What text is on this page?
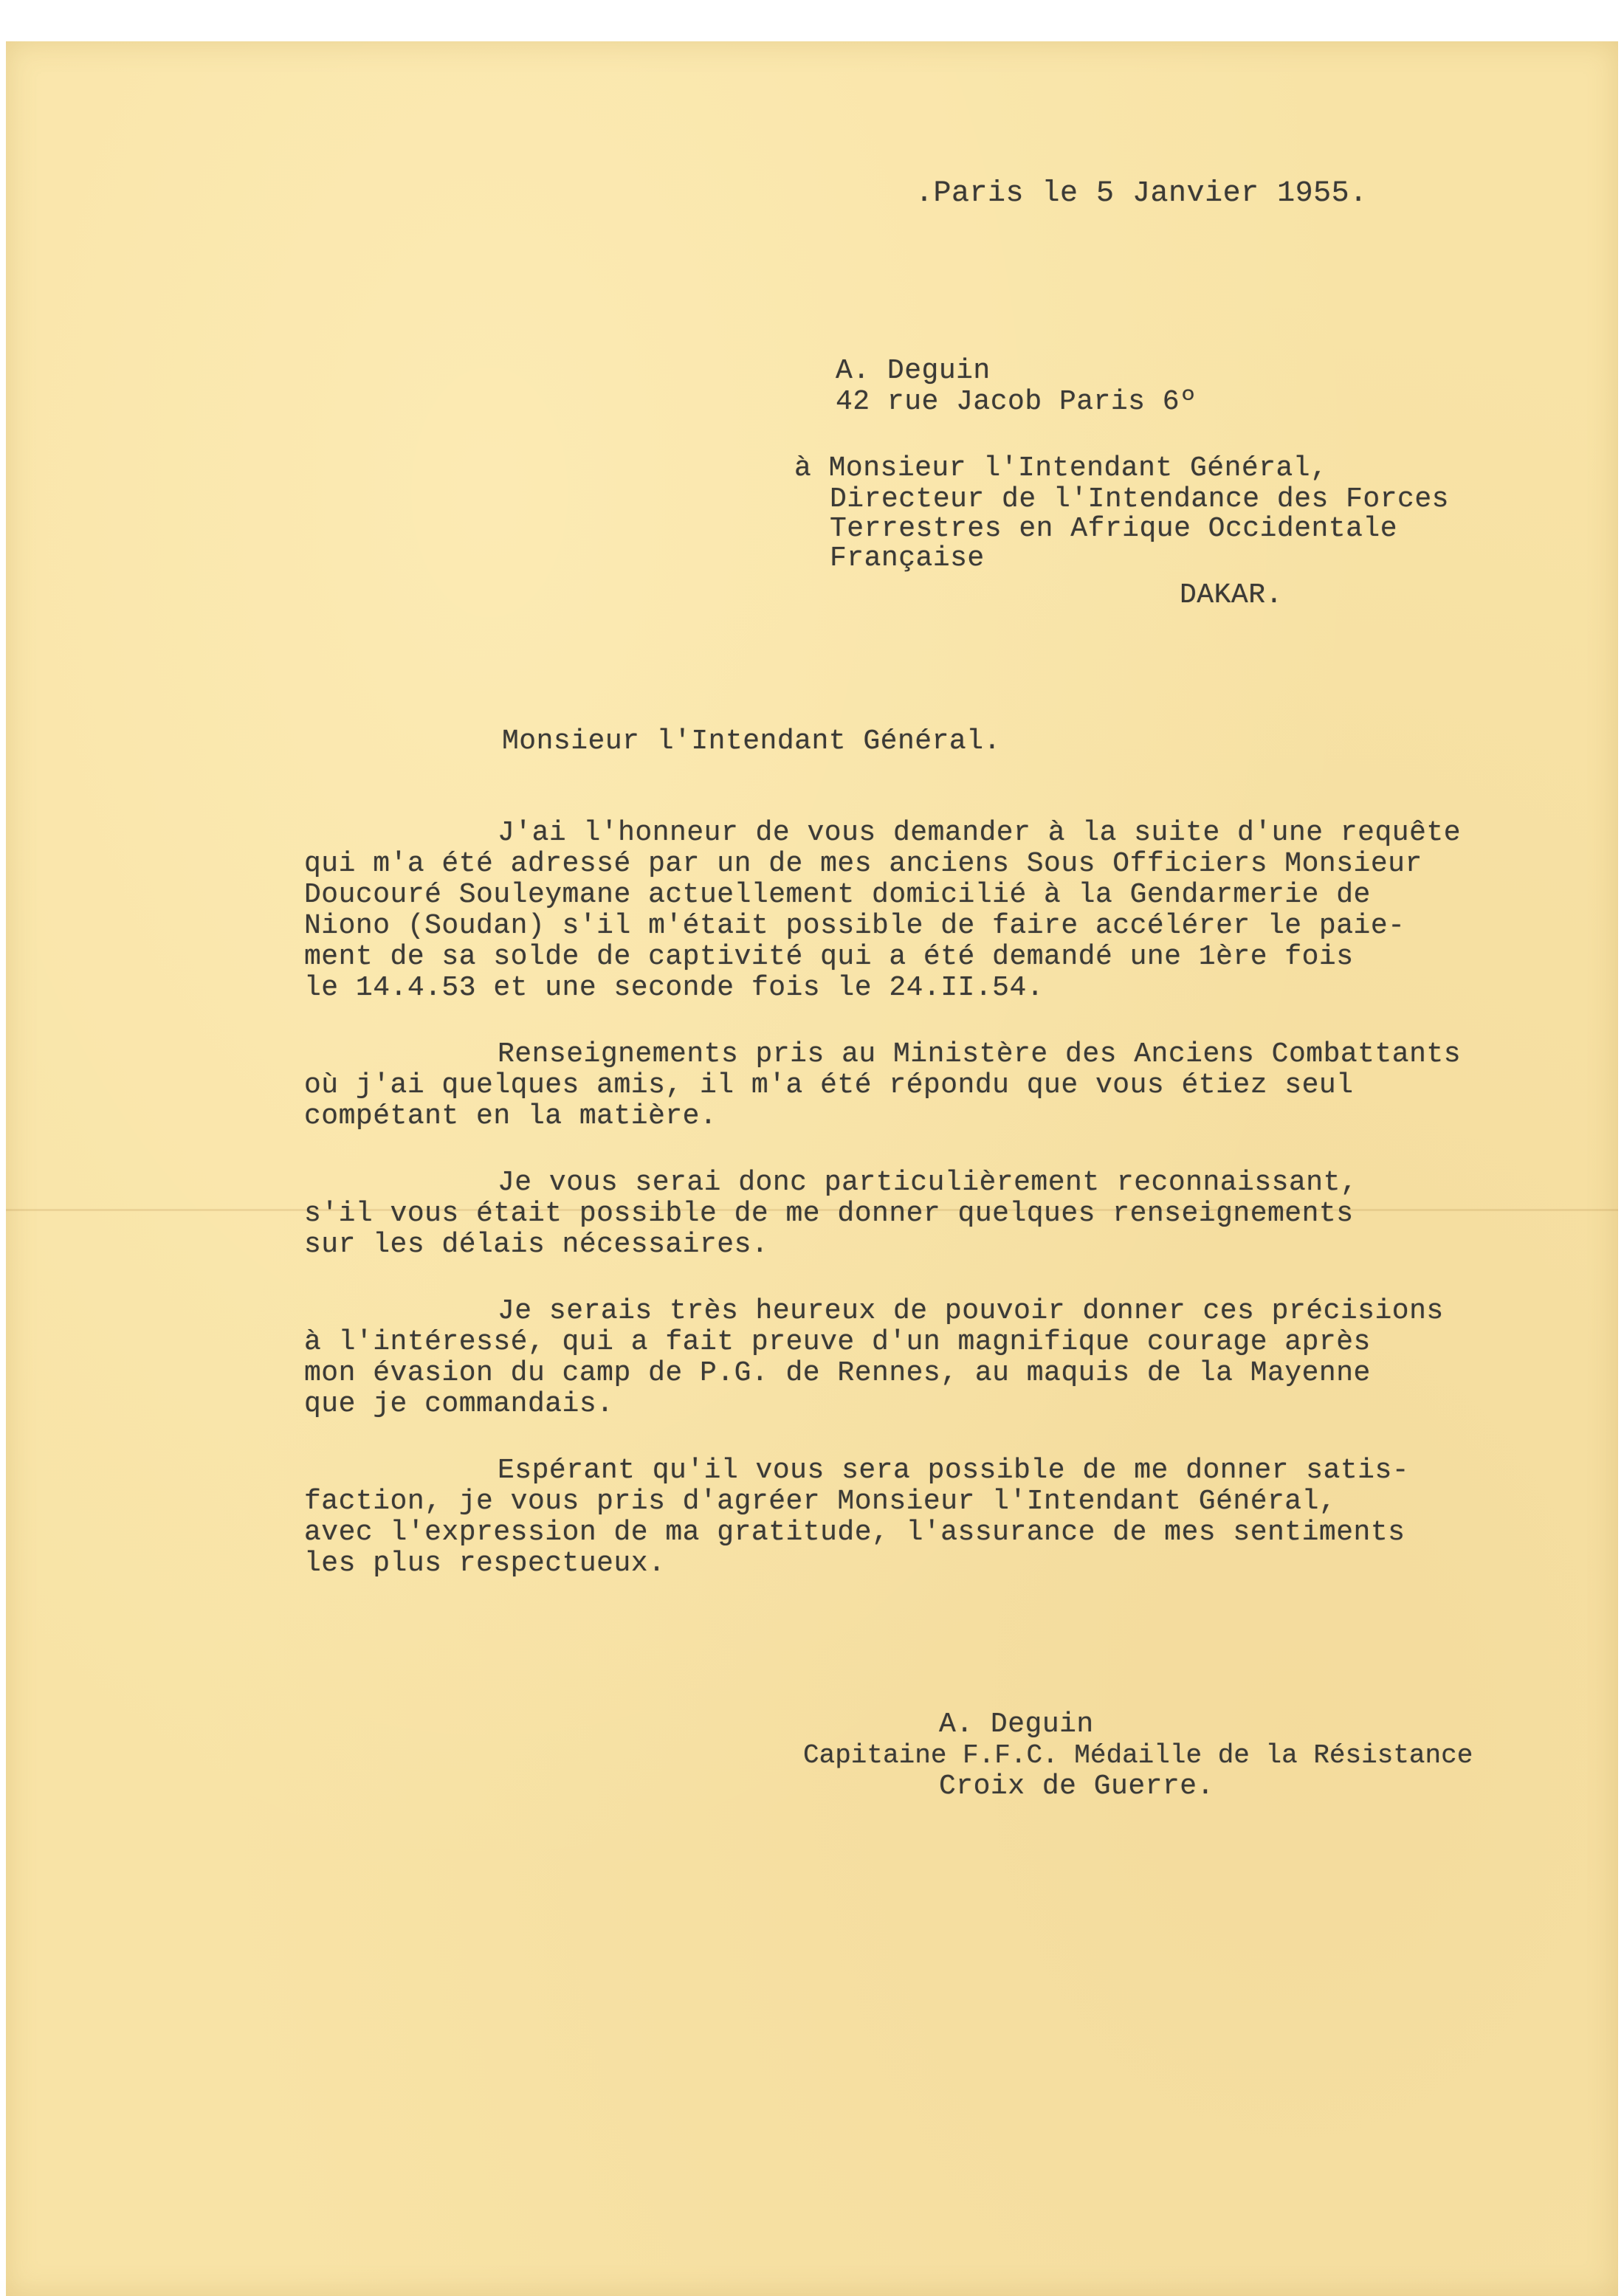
.Paris le 5 Janvier 1955.
A. Deguin
42 rue Jacob Paris 6º
à Monsieur l'Intendant Général,
Directeur de l'Intendance des Forces
Terrestres en Afrique Occidentale
Française
DAKAR.
Monsieur l'Intendant Général.
J'ai l'honneur de vous demander à la suite d'une requête
qui m'a été adressé par un de mes anciens Sous Officiers Monsieur
Doucouré Souleymane actuellement domicilié à la Gendarmerie de
Niono (Soudan) s'il m'était possible de faire accélérer le paie-
ment de sa solde de captivité qui a été demandé une 1ère fois
le 14.4.53 et une seconde fois le 24.II.54.
Renseignements pris au Ministère des Anciens Combattants
où j'ai quelques amis, il m'a été répondu que vous étiez seul
compétant en la matière.
Je vous serai donc particulièrement reconnaissant,
s'il vous était possible de me donner quelques renseignements
sur les délais nécessaires.
Je serais très heureux de pouvoir donner ces précisions
à l'intéressé, qui a fait preuve d'un magnifique courage après
mon évasion du camp de P.G. de Rennes, au maquis de la Mayenne
que je commandais.
Espérant qu'il vous sera possible de me donner satis-
faction, je vous pris d'agréer Monsieur l'Intendant Général,
avec l'expression de ma gratitude, l'assurance de mes sentiments
les plus respectueux.
A. Deguin
Capitaine F.F.C. Médaille de la Résistance
Croix de Guerre.
